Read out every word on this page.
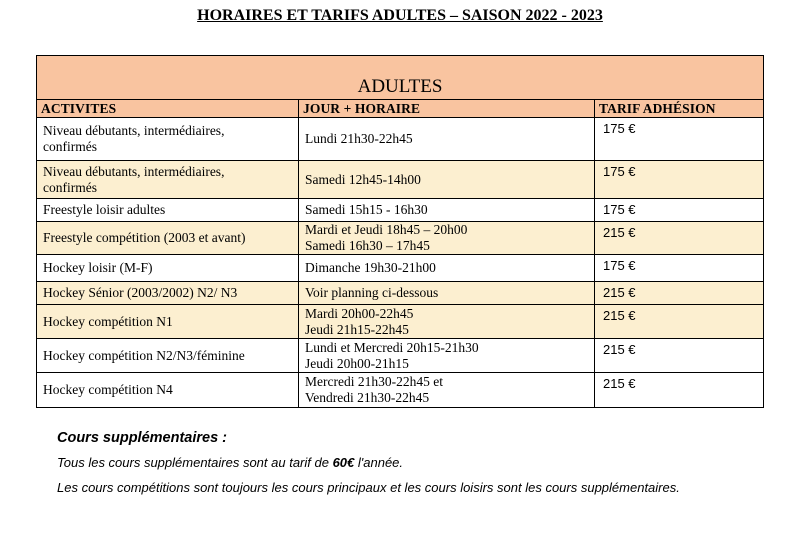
HORAIRES ET TARIFS ADULTES – SAISON 2022 - 2023
ADULTES		
ACTIVITES	JOUR + HORAIRE	TARIF ADHÉSION

Niveau débutants, intermédiaires,
confirmés	Lundi 21h30-22h45	175 €

Niveau débutants, intermédiaires,
confirmés	Samedi 12h45-14h00	175 €

Freestyle loisir adultes	Samedi 15h15 - 16h30	175 €

Freestyle compétition (2003 et avant)	Mardi et Jeudi 18h45 – 20h00
Samedi 16h30 – 17h45	215 €

Hockey loisir (M-F)	Dimanche 19h30-21h00	175 €

Hockey Sénior (2003/2002) N2/ N3	Voir planning ci-dessous	215 €

Hockey compétition N1	Mardi 20h00-22h45
Jeudi 21h15-22h45	215 €

Hockey compétition N2/N3/féminine	Lundi et Mercredi 20h15-21h30
Jeudi 20h00-21h15	215 €

Hockey compétition N4	Mercredi 21h30-22h45 et
Vendredi 21h30-22h45	215 €
Cours supplémentaires :

Tous les cours supplémentaires sont au tarif de 60€ l'année.

Les cours compétitions sont toujours les cours principaux et les cours loisirs sont les cours supplémentaires.
